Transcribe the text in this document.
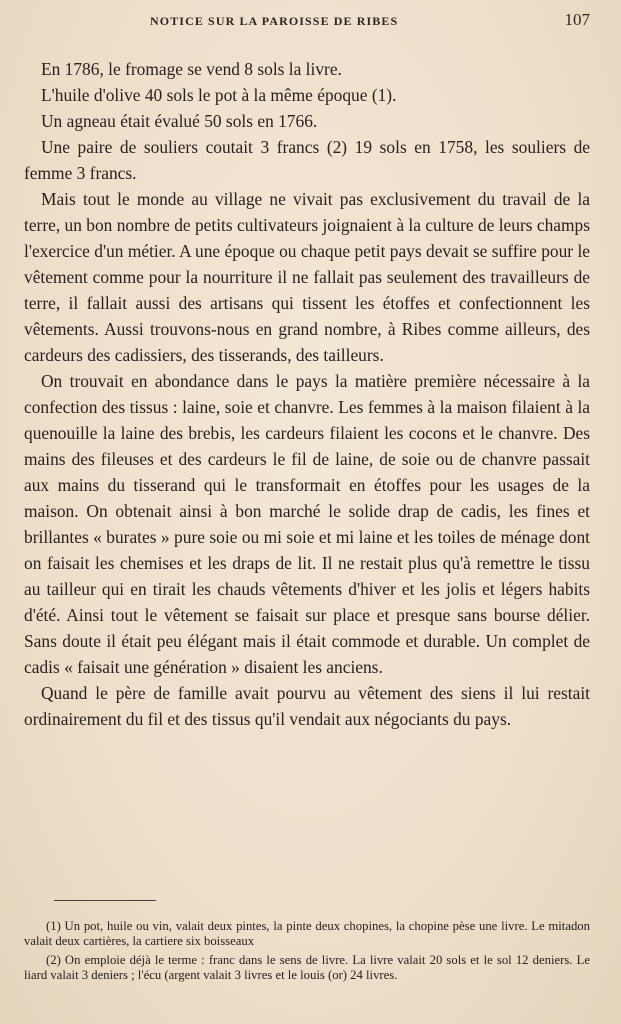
NOTICE SUR LA PAROISSE DE RIBES	107

En 1786, le fromage se vend 8 sols la livre.

L'huile d'olive 40 sols le pot à la même époque (1).

Un agneau était évalué 50 sols en 1766.

Une paire de souliers coutait 3 francs (2) 19 sols en 1758, les souliers de femme 3 francs.

Mais tout le monde au village ne vivait pas exclusivement du travail de la terre, un bon nombre de petits cultivateurs joignaient à la culture de leurs champs l'exercice d'un métier. A une époque ou chaque petit pays devait se suffire pour le vêtement comme pour la nourriture il ne fallait pas seulement des travailleurs de terre, il fallait aussi des artisans qui tissent les étoffes et confectionnent les vêtements. Aussi trouvons-nous en grand nombre, à Ribes comme ailleurs, des cardeurs des cadissiers, des tisserands, des tailleurs.

On trouvait en abondance dans le pays la matière première nécessaire à la confection des tissus : laine, soie et chanvre. Les femmes à la maison filaient à la quenouille la laine des brebis, les cardeurs filaient les cocons et le chanvre. Des mains des fileuses et des cardeurs le fil de laine, de soie ou de chanvre passait aux mains du tisserand qui le transformait en étoffes pour les usages de la maison. On obtenait ainsi à bon marché le solide drap de cadis, les fines et brillantes « burates » pure soie ou mi soie et mi laine et les toiles de ménage dont on faisait les chemises et les draps de lit. Il ne restait plus qu'à remettre le tissu au tailleur qui en tirait les chauds vêtements d'hiver et les jolis et légers habits d'été. Ainsi tout le vêtement se faisait sur place et presque sans bourse délier. Sans doute il était peu élégant mais il était commode et durable. Un complet de cadis « faisait une génération » disaient les anciens.

Quand le père de famille avait pourvu au vêtement des siens il lui restait ordinairement du fil et des tissus qu'il vendait aux négociants du pays.

(1) Un pot, huile ou vin, valait deux pintes, la pinte deux chopines, la chopine pèse une livre. Le mitadon valait deux cartières, la cartiere six boisseaux

(2) On emploie déjà le terme : franc dans le sens de livre. La livre valait 20 sols et le sol 12 deniers. Le liard valait 3 deniers ; l'écu (argent valait 3 livres et le louis (or) 24 livres.
